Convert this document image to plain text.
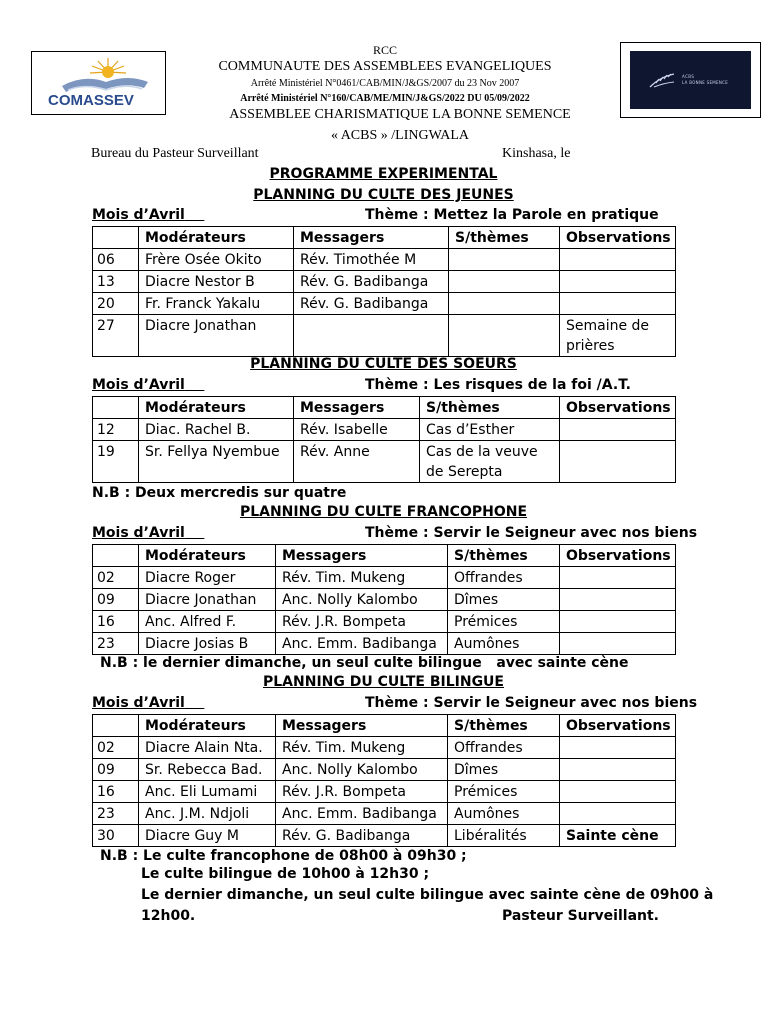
COMASSEV
ACBS
LA BONNE SEMENCE
RCC
COMMUNAUTE DES ASSEMBLEES EVANGELIQUES
Arrêté Ministériel N°0461/CAB/MIN/J&GS/2007 du 23 Nov 2007
Arrêté Ministériel N°160/CAB/ME/MIN/J&GS/2022 DU 05/09/2022
ASSEMBLEE CHARISMATIQUE LA BONNE SEMENCE
« ACBS » /LINGWALA
Bureau du Pasteur Surveillant	Kinshasa, le
PROGRAMME EXPERIMENTAL
PLANNING DU CULTE DES JEUNES
Mois d’Avril	Thème : Mettez la Parole en pratique
	Modérateurs	Messagers	S/thèmes	Observations
06	Frère Osée Okito	Rév. Timothée M		
13	Diacre Nestor B	Rév. G. Badibanga		
20	Fr. Franck Yakalu	Rév. G. Badibanga		
27	Diacre Jonathan			Semaine de prières
PLANNING DU CULTE DES SOEURS
Mois d’Avril	Thème : Les risques de la foi /A.T.
	Modérateurs	Messagers	S/thèmes	Observations
12	Diac. Rachel B.	Rév. Isabelle	Cas d’Esther	
19	Sr. Fellya Nyembue	Rév. Anne	Cas de la veuve de Serepta	
N.B : Deux mercredis sur quatre
PLANNING DU CULTE FRANCOPHONE
Mois d’Avril	Thème : Servir le Seigneur avec nos biens
	Modérateurs	Messagers	S/thèmes	Observations
02	Diacre Roger	Rév. Tim. Mukeng	Offrandes	
09	Diacre Jonathan	Anc. Nolly Kalombo	Dîmes	
16	Anc. Alfred F.	Rév. J.R. Bompeta	Prémices	
23	Diacre Josias B	Anc. Emm. Badibanga	Aumônes	
N.B : le dernier dimanche, un seul culte bilingue   avec sainte cène
PLANNING DU CULTE BILINGUE
Mois d’Avril	Thème : Servir le Seigneur avec nos biens
	Modérateurs	Messagers	S/thèmes	Observations
02	Diacre Alain Nta.	Rév. Tim. Mukeng	Offrandes	
09	Sr. Rebecca Bad.	Anc. Nolly Kalombo	Dîmes	
16	Anc. Eli Lumami	Rév. J.R. Bompeta	Prémices	
23	Anc. J.M. Ndjoli	Anc. Emm. Badibanga	Aumônes	
30	Diacre Guy M	Rév. G. Badibanga	Libéralités	Sainte cène
N.B : Le culte francophone de 08h00 à 09h30 ;
Le culte bilingue de 10h00 à 12h30 ;
Le dernier dimanche, un seul culte bilingue avec sainte cène de 09h00 à
12h00.	Pasteur Surveillant.
